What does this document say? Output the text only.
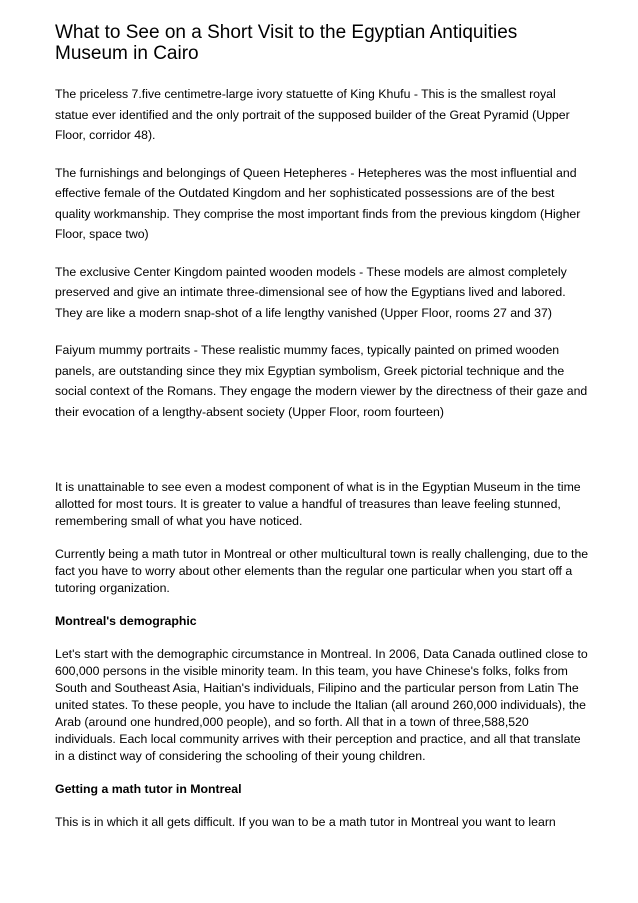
What to See on a Short Visit to the Egyptian Antiquities Museum in Cairo

The priceless 7.five centimetre-large ivory statuette of King Khufu - This is the smallest royal statue ever identified and the only portrait of the supposed builder of the Great Pyramid (Upper Floor, corridor 48).

The furnishings and belongings of Queen Hetepheres - Hetepheres was the most influential and effective female of the Outdated Kingdom and her sophisticated possessions are of the best quality workmanship. They comprise the most important finds from the previous kingdom (Higher Floor, space two)

The exclusive Center Kingdom painted wooden models - These models are almost completely preserved and give an intimate three-dimensional see of how the Egyptians lived and labored. They are like a modern snap-shot of a life lengthy vanished (Upper Floor, rooms 27 and 37)

Faiyum mummy portraits - These realistic mummy faces, typically painted on primed wooden panels, are outstanding since they mix Egyptian symbolism, Greek pictorial technique and the social context of the Romans. They engage the modern viewer by the directness of their gaze and their evocation of a lengthy-absent society (Upper Floor, room fourteen)

It is unattainable to see even a modest component of what is in the Egyptian Museum in the time allotted for most tours. It is greater to value a handful of treasures than leave feeling stunned, remembering small of what you have noticed.

Currently being a math tutor in Montreal or other multicultural town is really challenging, due to the fact you have to worry about other elements than the regular one particular when you start off a tutoring organization.

Montreal's demographic

Let's start with the demographic circumstance in Montreal. In 2006, Data Canada outlined close to 600,000 persons in the visible minority team. In this team, you have Chinese's folks, folks from South and Southeast Asia, Haitian's individuals, Filipino and the particular person from Latin The united states. To these people, you have to include the Italian (all around 260,000 individuals), the Arab (around one hundred,000 people), and so forth. All that in a town of three,588,520 individuals. Each local community arrives with their perception and practice, and all that translate in a distinct way of considering the schooling of their young children.

Getting a math tutor in Montreal

This is in which it all gets difficult. If you wan to be a math tutor in Montreal you want to learn
